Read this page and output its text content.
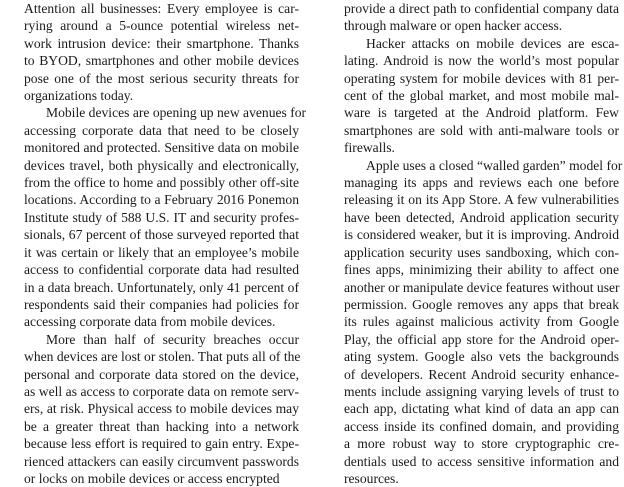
Attention all businesses: Every employee is car-
rying around a 5-ounce potential wireless net-
work intrusion device: their smartphone. Thanks
to BYOD, smartphones and other mobile devices
pose one of the most serious security threats for
organizations today.
Mobile devices are opening up new avenues for
accessing corporate data that need to be closely
monitored and protected. Sensitive data on mobile
devices travel, both physically and electronically,
from the office to home and possibly other off-site
locations. According to a February 2016 Ponemon
Institute study of 588 U.S. IT and security profes-
sionals, 67 percent of those surveyed reported that
it was certain or likely that an employee’s mobile
access to confidential corporate data had resulted
in a data breach. Unfortunately, only 41 percent of
respondents said their companies had policies for
accessing corporate data from mobile devices.
More than half of security breaches occur
when devices are lost or stolen. That puts all of the
personal and corporate data stored on the device,
as well as access to corporate data on remote serv-
ers, at risk. Physical access to mobile devices may
be a greater threat than hacking into a network
because less effort is required to gain entry. Expe-
rienced attackers can easily circumvent passwords
or locks on mobile devices or access encrypted
provide a direct path to confidential company data
through malware or open hacker access.
Hacker attacks on mobile devices are esca-
lating. Android is now the world’s most popular
operating system for mobile devices with 81 per-
cent of the global market, and most mobile mal-
ware is targeted at the Android platform. Few
smartphones are sold with anti-malware tools or
firewalls.
Apple uses a closed “walled garden” model for
managing its apps and reviews each one before
releasing it on its App Store. A few vulnerabilities
have been detected, Android application security
is considered weaker, but it is improving. Android
application security uses sandboxing, which con-
fines apps, minimizing their ability to affect one
another or manipulate device features without user
permission. Google removes any apps that break
its rules against malicious activity from Google
Play, the official app store for the Android oper-
ating system. Google also vets the backgrounds
of developers. Recent Android security enhance-
ments include assigning varying levels of trust to
each app, dictating what kind of data an app can
access inside its confined domain, and providing
a more robust way to store cryptographic cre-
dentials used to access sensitive information and
resources.
